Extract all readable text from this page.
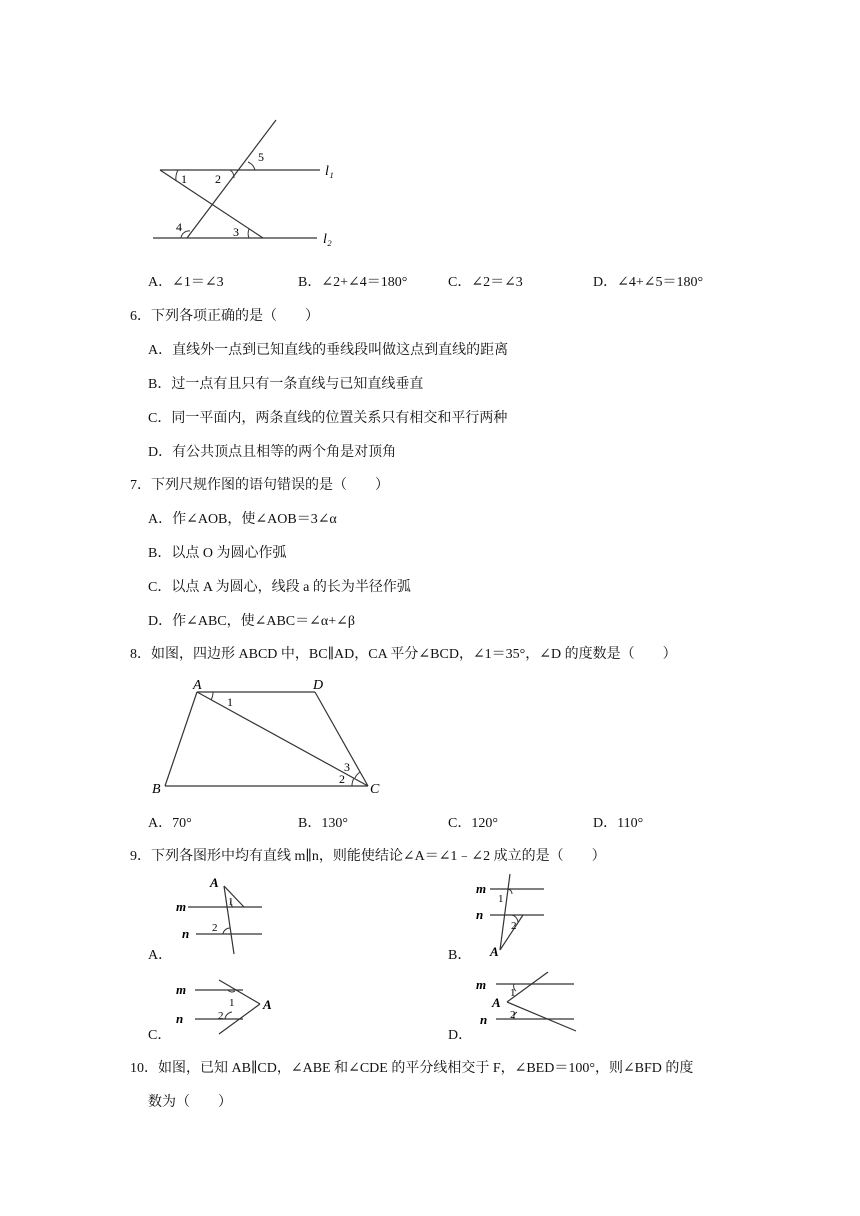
l₁
l₂
1 2
3
4
5
A．∠1＝∠3	B．∠2+∠4＝180°	C．∠2＝∠3	D．∠4+∠5＝180°
6．下列各项正确的是（　　）
A．直线外一点到已知直线的垂线段叫做这点到直线的距离
B．过一点有且只有一条直线与已知直线垂直
C．同一平面内，两条直线的位置关系只有相交和平行两种
D．有公共顶点且相等的两个角是对顶角
7．下列尺规作图的语句错误的是（　　）
A．作∠AOB，使∠AOB＝3∠α
B．以点 O 为圆心作弧
C．以点 A 为圆心，线段 a 的长为半径作弧
D．作∠ABC，使∠ABC＝∠α+∠β
8．如图，四边形 ABCD 中，BC∥AD，CA 平分∠BCD，∠1＝35°，∠D 的度数是（　　）
A	D
B	C
1
2
3
A．70°	B．130°	C．120°	D．110°
9．下列各图形中均有直线 m∥n，则能使结论∠A＝∠1﹣∠2 成立的是（　　）
A．
A
m
n
1
2
B．
m
n
1
2
A
C．
m
n
1
2
A
D．
m
A
n
1
2
10．如图，已知 AB∥CD，∠ABE 和∠CDE 的平分线相交于 F，∠BED＝100°，则∠BFD 的度
数为（　　）
